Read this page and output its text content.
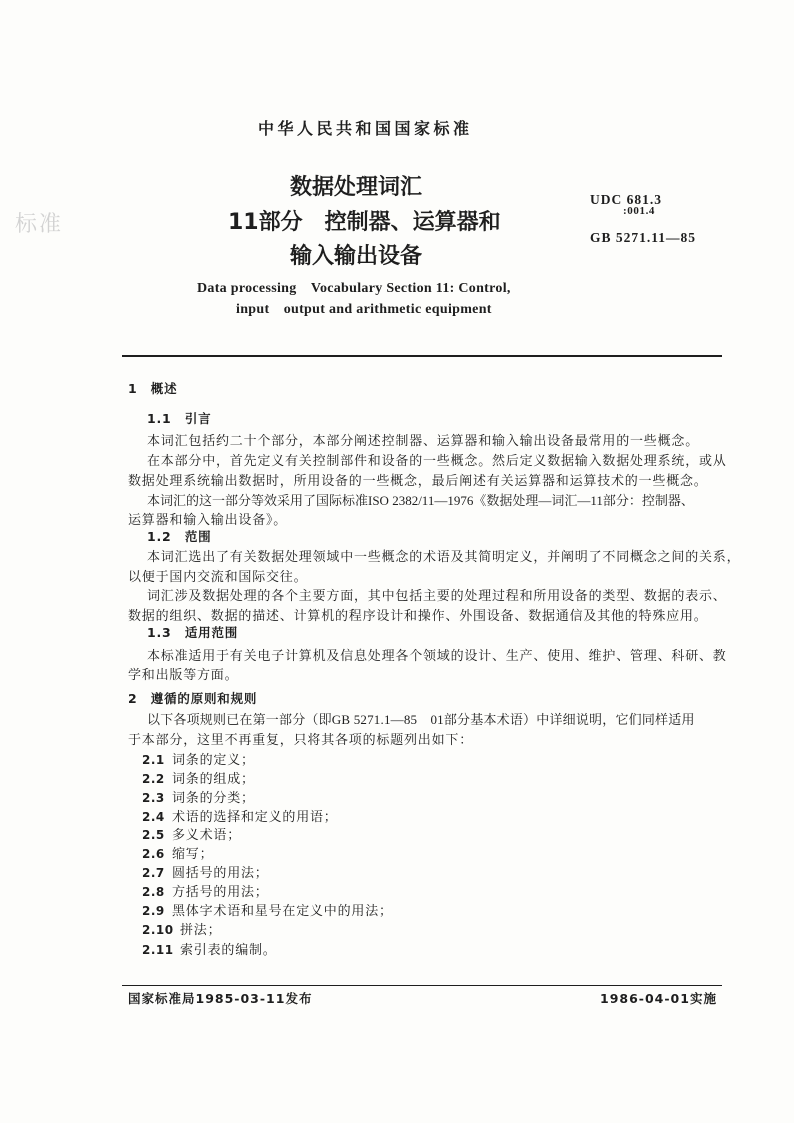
中华人民共和国国家标准
标准
数据处理词汇
11部分　控制器、运算器和
输入输出设备
UDC 681.3
:001.4
GB 5271.11—85
Data processing　Vocabulary Section 11: Control,
input　output and arithmetic equipment
1　概述
1.1　引言
本词汇包括约二十个部分，本部分阐述控制器、运算器和输入输出设备最常用的一些概念。
在本部分中，首先定义有关控制部件和设备的一些概念。然后定义数据输入数据处理系统，或从
数据处理系统输出数据时，所用设备的一些概念，最后阐述有关运算器和运算技术的一些概念。
本词汇的这一部分等效采用了国际标准ISO 2382/11—1976《数据处理—词汇—11部分：控制器、
运算器和输入输出设备》。
1.2　范围
本词汇选出了有关数据处理领域中一些概念的术语及其简明定义，并阐明了不同概念之间的关系，
以便于国内交流和国际交往。
词汇涉及数据处理的各个主要方面，其中包括主要的处理过程和所用设备的类型、数据的表示、
数据的组织、数据的描述、计算机的程序设计和操作、外围设备、数据通信及其他的特殊应用。
1.3　适用范围
本标准适用于有关电子计算机及信息处理各个领域的设计、生产、使用、维护、管理、科研、教
学和出版等方面。
2　遵循的原则和规则
以下各项规则已在第一部分（即GB 5271.1—85　01部分基本术语）中详细说明，它们同样适用
于本部分，这里不再重复，只将其各项的标题列出如下：
2.1 词条的定义；
2.2 词条的组成；
2.3 词条的分类；
2.4 术语的选择和定义的用语；
2.5 多义术语；
2.6 缩写；
2.7 圆括号的用法；
2.8 方括号的用法；
2.9 黑体字术语和星号在定义中的用法；
2.10 拼法；
2.11 索引表的编制。
国家标准局1985-03-11发布	1986-04-01实施
